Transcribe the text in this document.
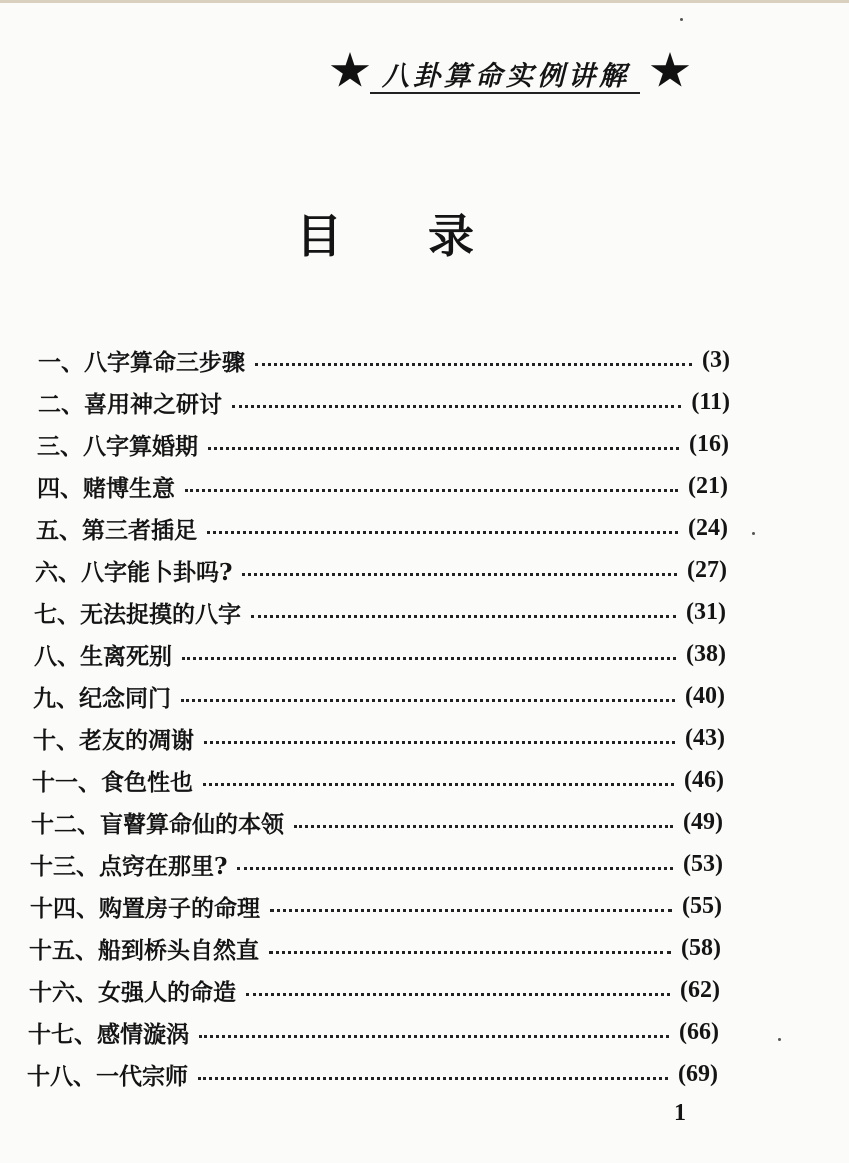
八卦算命实例讲解
目 录
一、八字算命三步骤	(3)
二、喜用神之研讨	(11)
三、八字算婚期	(16)
四、赌博生意	(21)
五、第三者插足	(24)
六、八字能卜卦吗?	(27)
七、无法捉摸的八字	(31)
八、生离死别	(38)
九、纪念同门	(40)
十、老友的凋谢	(43)
十一、食色性也	(46)
十二、盲瞽算命仙的本领	(49)
十三、点窍在那里?	(53)
十四、购置房子的命理	(55)
十五、船到桥头自然直	(58)
十六、女强人的命造	(62)
十七、感情漩涡	(66)
十八、一代宗师	(69)
1
